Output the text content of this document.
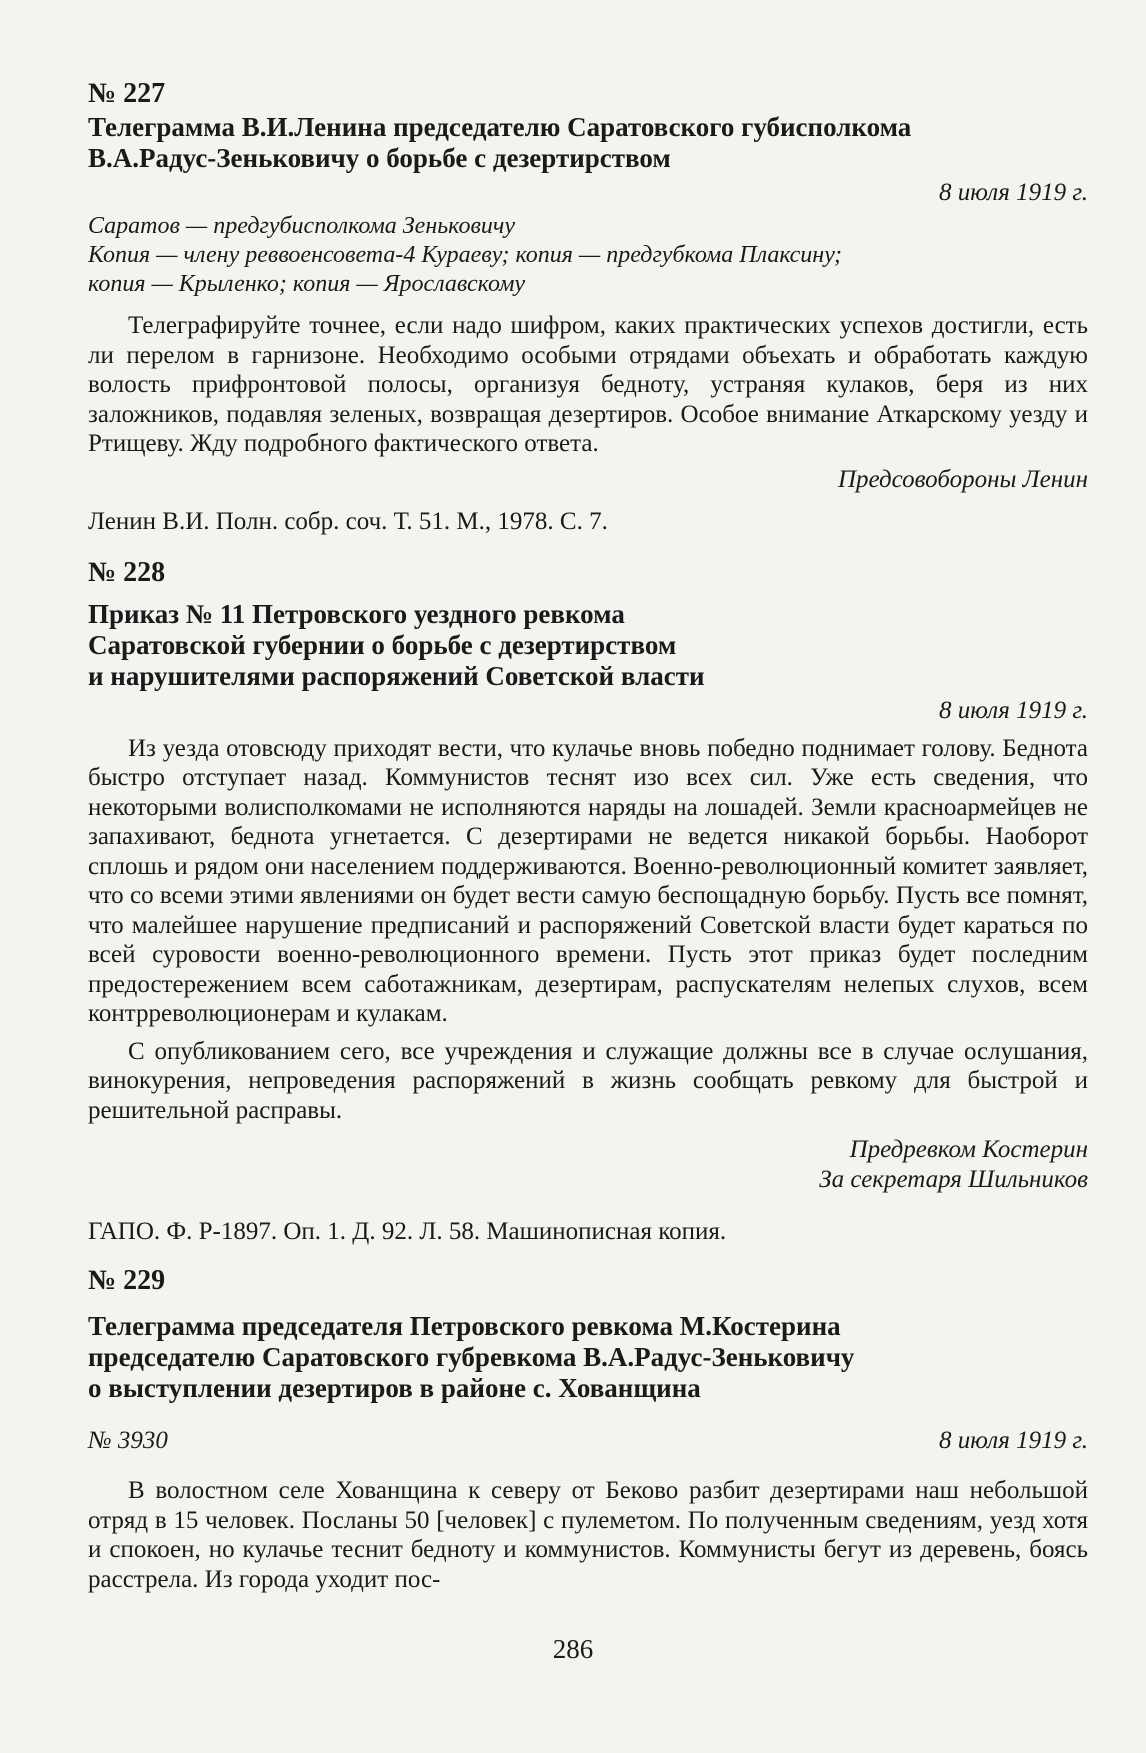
№ 227
Телеграмма В.И.Ленина председателю Саратовского губисполкома
В.А.Радус-Зеньковичу о борьбе с дезертирством
8 июля 1919 г.
Саратов — предгубисполкома Зеньковичу
Копия — члену реввоенсовета-4 Кураеву; копия — предгубкома Плаксину;
копия — Крыленко; копия — Ярославскому

Телеграфируйте точнее, если надо шифром, каких практических успехов достигли, есть ли перелом в гарнизоне. Необходимо особыми отрядами объехать и обработать каждую волость прифронтовой полосы, организуя бедноту, устраняя кулаков, беря из них заложников, подавляя зеленых, возвращая дезертиров. Особое внимание Аткарскому уезду и Ртищеву. Жду подробного фактического ответа.

Предсовобороны Ленин
Ленин В.И. Полн. собр. соч. Т. 51. М., 1978. С. 7.
№ 228
Приказ № 11 Петровского уездного ревкома
Саратовской губернии о борьбе с дезертирством
и нарушителями распоряжений Советской власти
8 июля 1919 г.

Из уезда отовсюду приходят вести, что кулачье вновь победно поднимает голову. Беднота быстро отступает назад. Коммунистов теснят изо всех сил. Уже есть сведения, что некоторыми волисполкомами не исполняются наряды на лошадей. Земли красноармейцев не запахивают, беднота угнетается. С дезертирами не ведется никакой борьбы. Наоборот сплошь и рядом они населением поддерживаются. Военно-революционный комитет заявляет, что со всеми этими явлениями он будет вести самую беспощадную борьбу. Пусть все помнят, что малейшее нарушение предписаний и распоряжений Советской власти будет караться по всей суровости военно-революционного времени. Пусть этот приказ будет последним предостережением всем саботажникам, дезертирам, распускателям нелепых слухов, всем контрреволюционерам и кулакам.

С опубликованием сего, все учреждения и служащие должны все в случае ослушания, винокурения, непроведения распоряжений в жизнь сообщать ревкому для быстрой и решительной расправы.

Предревком Костерин
За секретаря Шильников
ГАПО. Ф. Р-1897. Оп. 1. Д. 92. Л. 58. Машинописная копия.
№ 229
Телеграмма председателя Петровского ревкома М.Костерина
председателю Саратовского губревкома В.А.Радус-Зеньковичу
о выступлении дезертиров в районе с. Хованщина
№ 3930	8 июля 1919 г.

В волостном селе Хованщина к северу от Беково разбит дезертирами наш небольшой отряд в 15 человек. Посланы 50 [человек] с пулеметом. По полученным сведениям, уезд хотя и спокоен, но кулачье теснит бедноту и коммунистов. Коммунисты бегут из деревень, боясь расстрела. Из города уходит пос-

286
